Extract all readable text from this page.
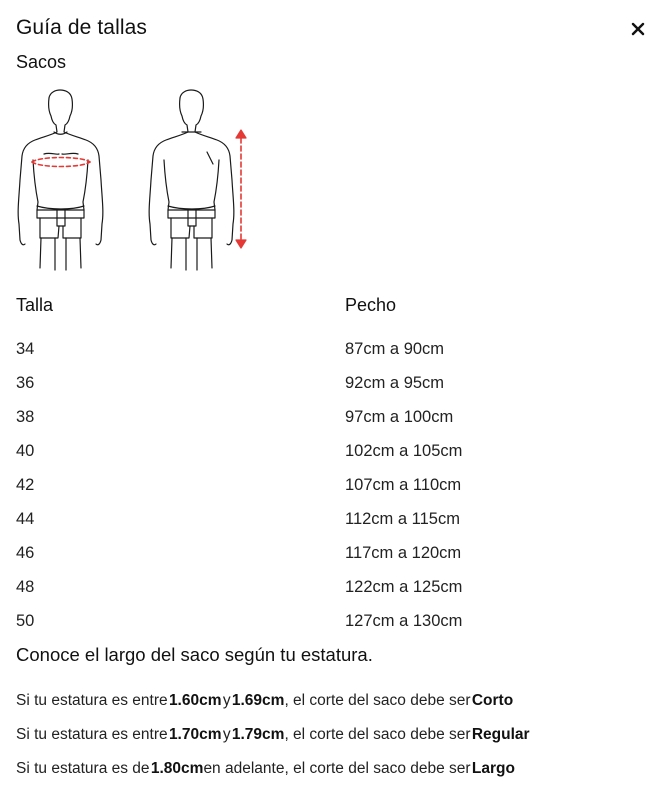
Guía de tallas
Sacos
Talla	Pecho
34	87cm a 90cm
36	92cm a 95cm
38	97cm a 100cm
40	102cm a 105cm
42	107cm a 110cm
44	112cm a 115cm
46	117cm a 120cm
48	122cm a 125cm
50	127cm a 130cm
Conoce el largo del saco según tu estatura.
Si tu estatura es entre
  1.60cm
  y
  1.69cm , el corte del saco debe ser
  Corto
Si tu estatura es entre
  1.70cm
  y
  1.79cm , el corte del saco debe ser
  Regular
Si tu estatura es de
  1.80cm en adelante , el corte del saco debe ser
  Largo
